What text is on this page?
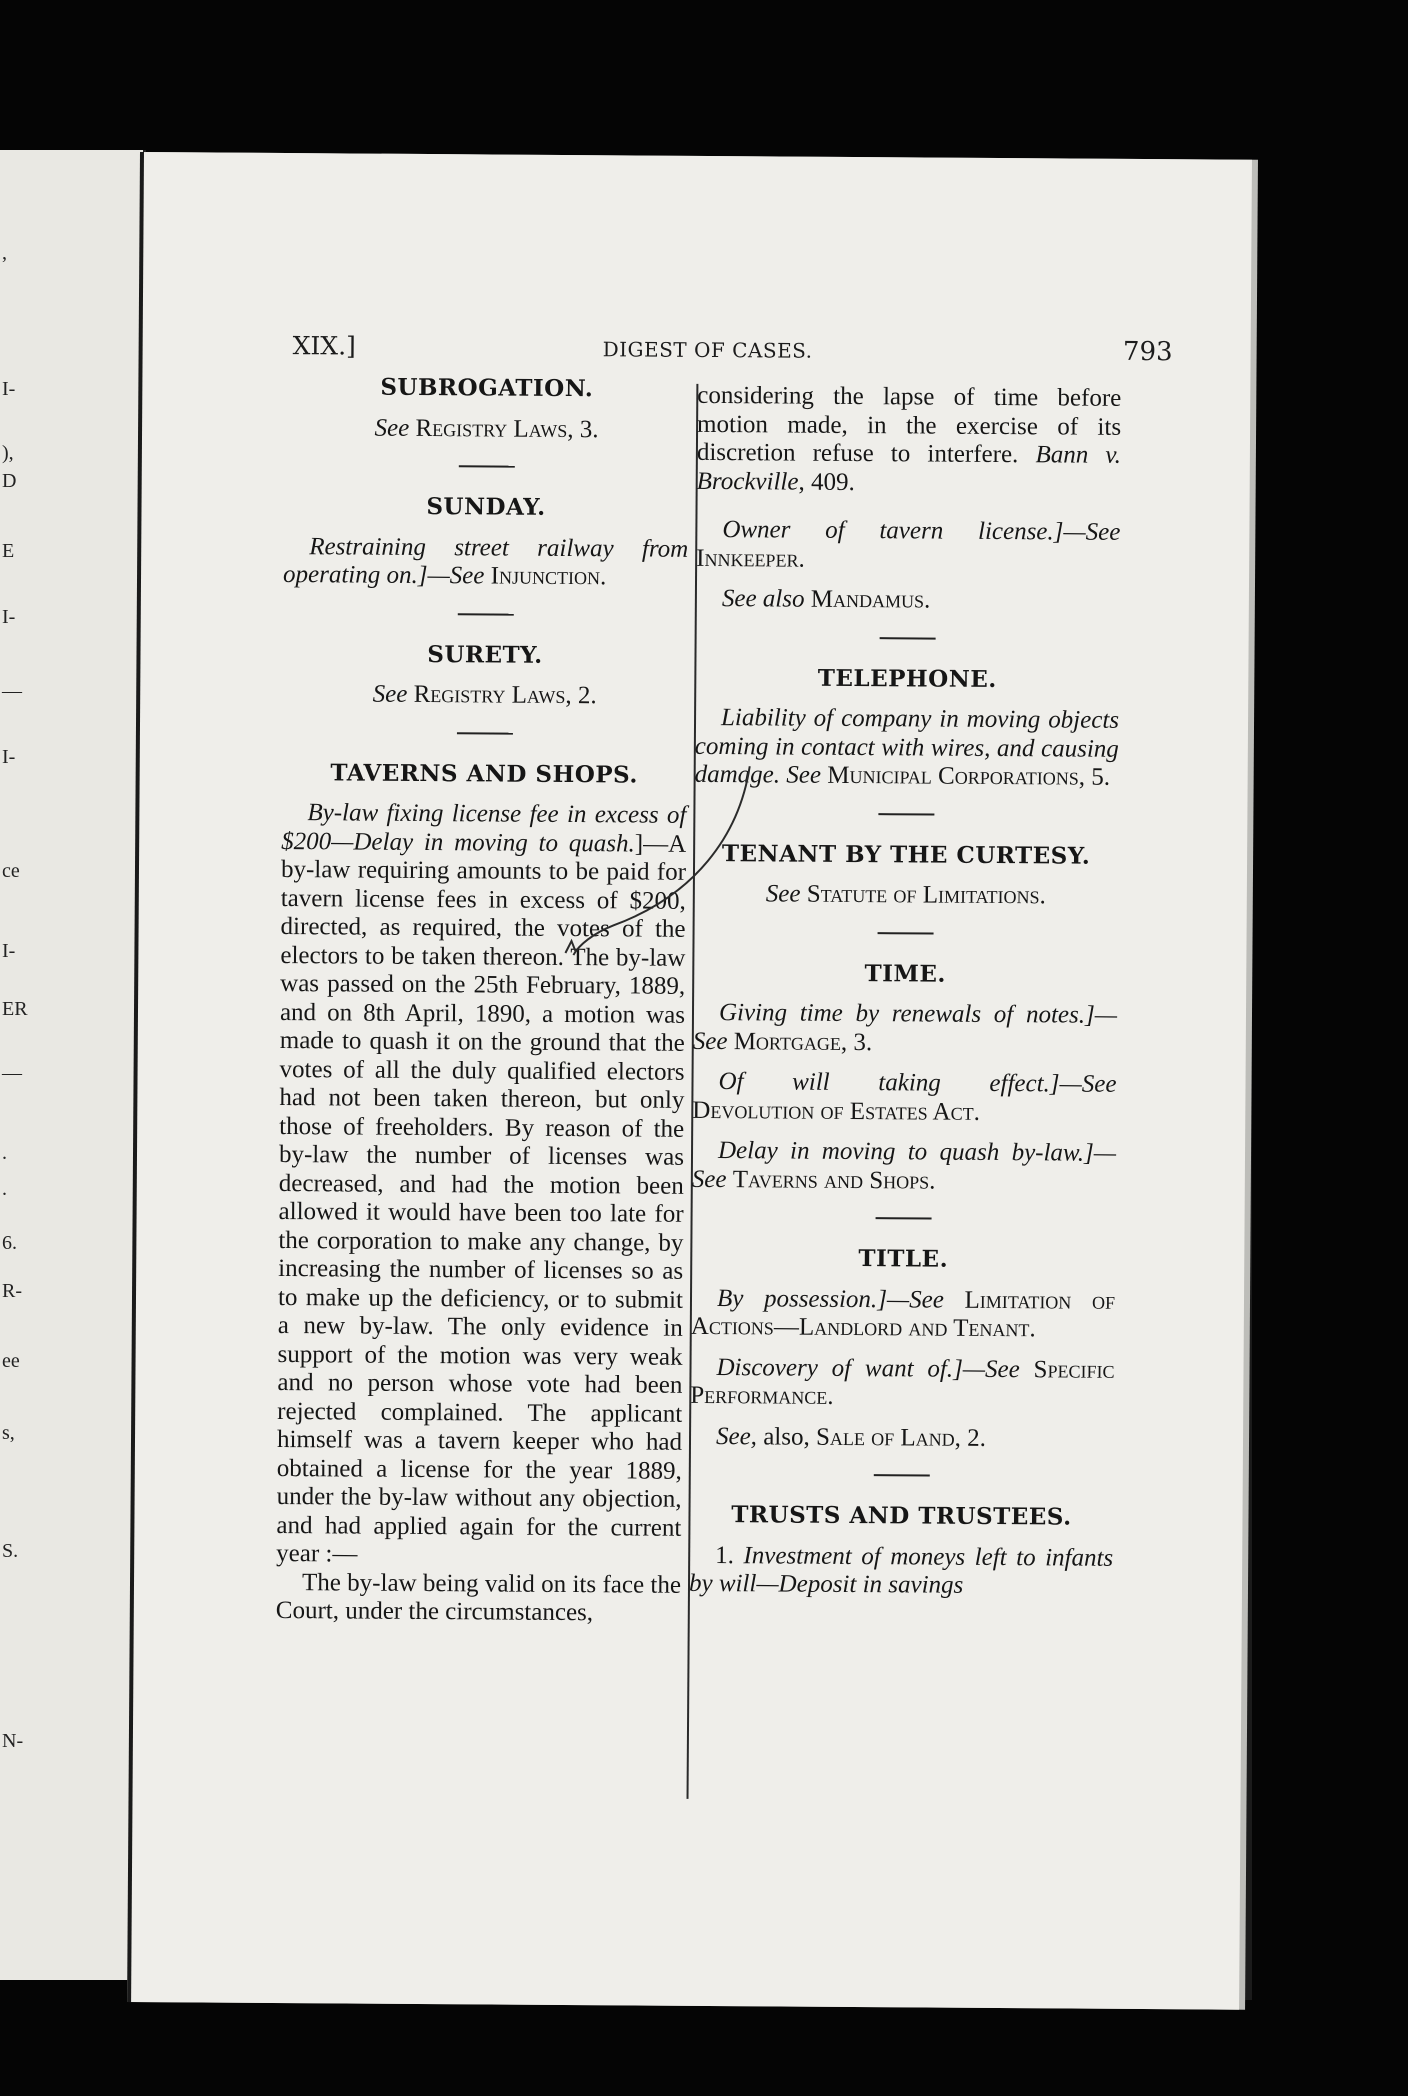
,
I-
),
D
E
I-
—
I-
ce
I-
ER
—
.
.
6.
R-
ee
s,
S.
N-
XIX.]	DIGEST OF CASES.	793
SUBROGATION.

See Registry Laws, 3.

SUNDAY.

Restraining street railway from operating on.]—See Injunction.

SURETY.

See Registry Laws, 2.

TAVERNS AND SHOPS.

By-law fixing license fee in excess of $200—Delay in moving to quash.]—A by-law requiring amounts to be paid for tavern license fees in excess of $200, directed, as required, the votes of the electors to be taken thereon. The by-law was passed on the 25th February, 1889, and on 8th April, 1890, a motion was made to quash it on the ground that the votes of all the duly qualified electors had not been taken thereon, but only those of freeholders. By reason of the by-law the number of licenses was decreased, and had the motion been allowed it would have been too late for the corporation to make any change, by increasing the number of licenses so as to make up the deficiency, or to submit a new by-law. The only evidence in support of the motion was very weak and no person whose vote had been rejected complained. The applicant himself was a tavern keeper who had obtained a license for the year 1889, under the by-law without any objection, and had applied again for the current year :—

The by-law being valid on its face the Court, under the circumstances,

considering the lapse of time before motion made, in the exercise of its discretion refuse to interfere. Bann v. Brockville, 409.

Owner of tavern license.]—See Innkeeper.

See also Mandamus.

TELEPHONE.

Liability of company in moving objects coming in contact with wires, and causing damage. See Municipal Corporations, 5.

TENANT BY THE CURTESY.

See Statute of Limitations.

TIME.

Giving time by renewals of notes.]—See Mortgage, 3.

Of will taking effect.]—See Devolution of Estates Act.

Delay in moving to quash by-law.]—See Taverns and Shops.

TITLE.

By possession.]—See Limitation of Actions—Landlord and Tenant.

Discovery of want of.]—See Specific Performance.

See, also, Sale of Land, 2.

TRUSTS AND TRUSTEES.

1. Investment of moneys left to infants by will—Deposit in savings
